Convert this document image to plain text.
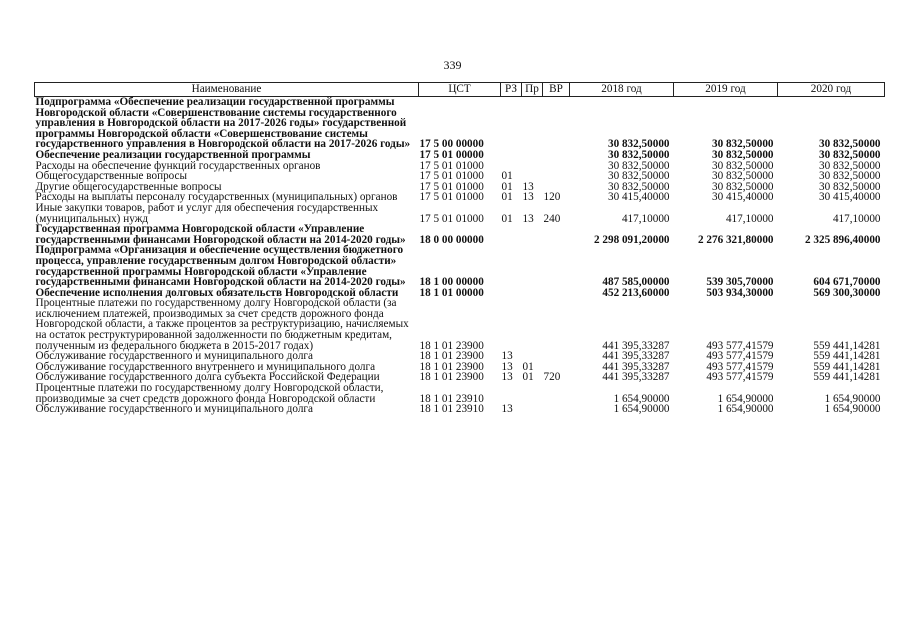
339
Наименование	ЦСТ	РЗ	Пр	ВР	2018 год	2019 год	2020 год
Подпрограмма «Обеспечение реализации государственной программы Новгородской области «Совершенствование системы государственного управления в Новгородской области на 2017-2026 годы» государственной программы Новгородской области «Совершенствование системы государственного управления в Новгородской области на 2017-2026 годы»	17 5 00 00000				30 832,50000	30 832,50000	30 832,50000
Обеспечение реализации государственной программы	17 5 01 00000				30 832,50000	30 832,50000	30 832,50000
Расходы на обеспечение функций государственных органов	17 5 01 01000				30 832,50000	30 832,50000	30 832,50000
Общегосударственные вопросы	17 5 01 01000	01			30 832,50000	30 832,50000	30 832,50000
Другие общегосударственные вопросы	17 5 01 01000	01	13		30 832,50000	30 832,50000	30 832,50000
Расходы на выплаты персоналу государственных (муниципальных) органов	17 5 01 01000	01	13	120	30 415,40000	30 415,40000	30 415,40000
Иные закупки товаров, работ и услуг для обеспечения государственных (муниципальных) нужд	17 5 01 01000	01	13	240	417,10000	417,10000	417,10000
Государственная программа Новгородской области «Управление государственными финансами Новгородской области на 2014-2020 годы»	18 0 00 00000				2 298 091,20000	2 276 321,80000	2 325 896,40000
Подпрограмма «Организация и обеспечение осуществления бюджетного процесса, управление государственным долгом Новгородской области» государственной программы Новгородской области «Управление государственными финансами Новгородской области на 2014-2020 годы»	18 1 00 00000				487 585,00000	539 305,70000	604 671,70000
Обеспечение исполнения долговых обязательств Новгородской области	18 1 01 00000				452 213,60000	503 934,30000	569 300,30000
Процентные платежи по государственному долгу Новгородской области (за исключением платежей, производимых за счет средств дорожного фонда Новгородской области, а также процентов за реструктуризацию, начисляемых на остаток реструктурированной задолженности по бюджетным кредитам, полученным из федерального бюджета в 2015-2017 годах)	18 1 01 23900				441 395,33287	493 577,41579	559 441,14281
Обслуживание государственного и муниципального долга	18 1 01 23900	13			441 395,33287	493 577,41579	559 441,14281
Обслуживание государственного внутреннего и муниципального долга	18 1 01 23900	13	01		441 395,33287	493 577,41579	559 441,14281
Обслуживание государственного долга субъекта Российской Федерации	18 1 01 23900	13	01	720	441 395,33287	493 577,41579	559 441,14281
Процентные платежи по государственному долгу Новгородской области, производимые за счет средств дорожного фонда Новгородской области	18 1 01 23910				1 654,90000	1 654,90000	1 654,90000
Обслуживание государственного и муниципального долга	18 1 01 23910	13			1 654,90000	1 654,90000	1 654,90000
